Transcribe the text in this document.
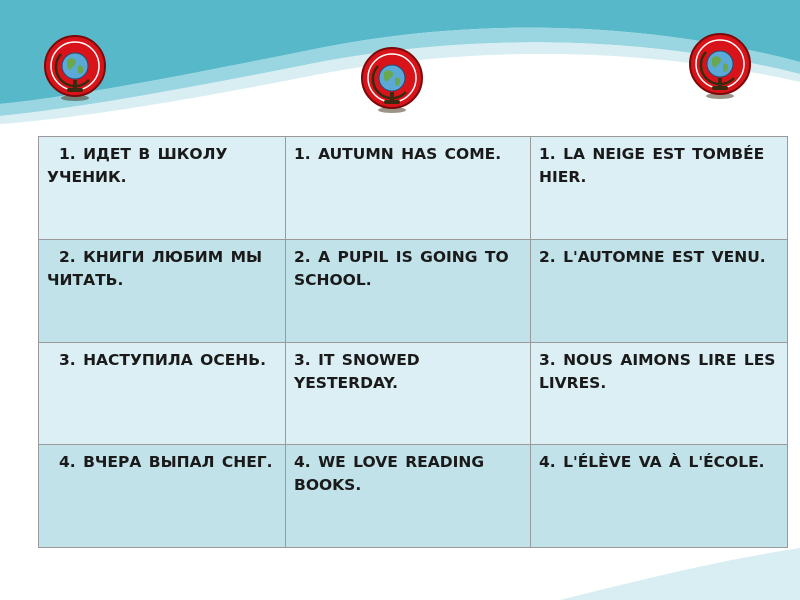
1. ИДЕТ В ШКОЛУ УЧЕНИК.	1. AUTUMN HAS COME.	1. LA NEIGE EST TOMBÉE HIER.
2. КНИГИ ЛЮБИМ МЫ ЧИТАТЬ.	2. A PUPIL IS GOING TO SCHOOL.	2. L'AUTOMNE EST VENU.
3. НАСТУПИЛА ОСЕНЬ.	3. IT SNOWED YESTERDAY.	3. NOUS AIMONS LIRE LES LIVRES.
4. ВЧЕРА ВЫПАЛ СНЕГ.	4. WE LOVE READING BOOKS.	4. L'ÉLÈVE VA À L'ÉCOLE.
